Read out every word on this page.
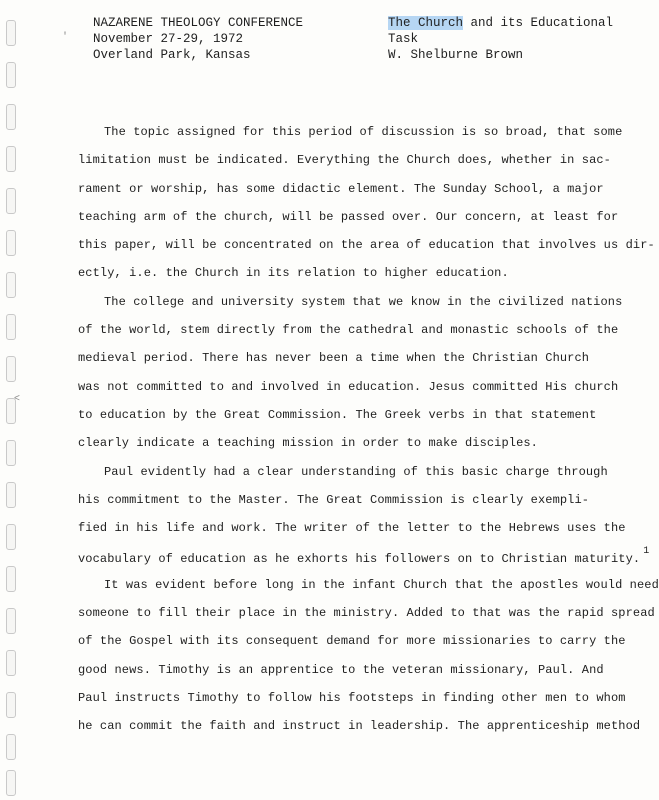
'
˂
NAZARENE THEOLOGY CONFERENCE
November 27-29, 1972
Overland Park, Kansas
The Church and its Educational Task
W. Shelburne Brown
The topic assigned for this period of discussion is so broad, that some
limitation must be indicated. Everything the Church does, whether in sac-
rament or worship, has some didactic element. The Sunday School, a major
teaching arm of the church, will be passed over. Our concern, at least for
this paper, will be concentrated on the area of education that involves us dir-
ectly, i.e. the Church in its relation to higher education.
The college and university system that we know in the civilized nations
of the world, stem directly from the cathedral and monastic schools of the
medieval period. There has never been a time when the Christian Church
was not committed to and involved in education. Jesus committed His church
to education by the Great Commission. The Greek verbs in that statement
clearly indicate a teaching mission in order to make disciples.
Paul evidently had a clear understanding of this basic charge through
his commitment to the Master. The Great Commission is clearly exempli-
fied in his life and work. The writer of the letter to the Hebrews uses the
vocabulary of education as he exhorts his followers on to Christian maturity.$^1$
It was evident before long in the infant Church that the apostles would need
someone to fill their place in the ministry. Added to that was the rapid spread
of the Gospel with its consequent demand for more missionaries to carry the
good news. Timothy is an apprentice to the veteran missionary, Paul. And
Paul instructs Timothy to follow his footsteps in finding other men to whom
he can commit the faith and instruct in leadership. The apprenticeship method
